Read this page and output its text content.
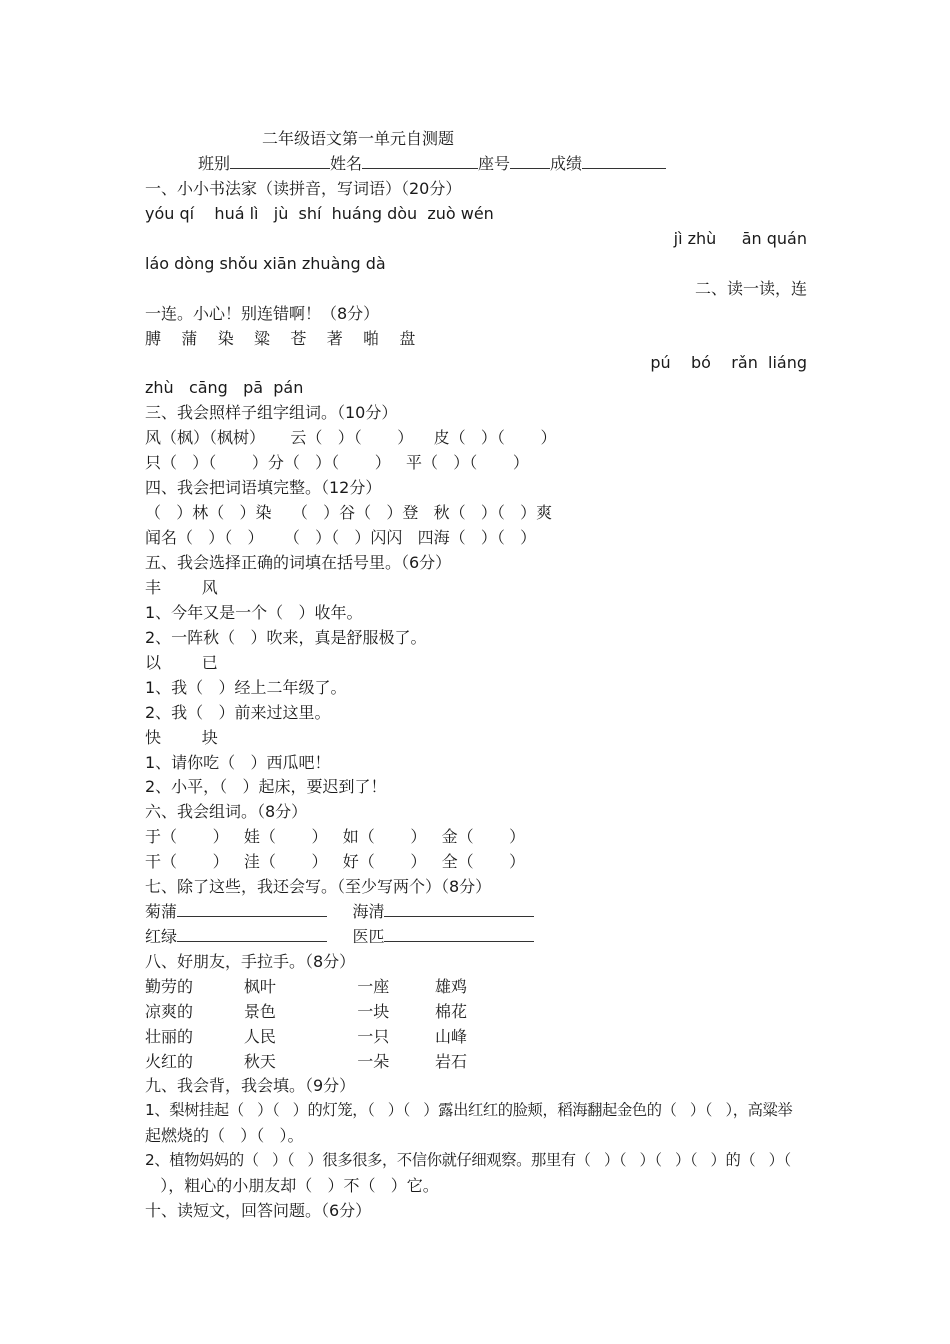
二年级语文第一单元自测题
班别	姓名	座号	成绩
一、小小书法家（读拼音，写词语）（20分）
yóu qí    huá lì   jù  shí  huáng dòu  zuò wén
jì zhù     ān quán
láo dòng shǒu xiān zhuàng dà
二、读一读，连
一连。小心！别连错啊！（8分）
膊    蒲    染    粱    苍    著    啪    盘
pú    bó    rǎn  liáng
zhù   cāng   pā  pán
三、我会照样子组字组词。（10分）
风（枫）（枫树）     云（   ）（       ）    皮（   ）（       ）
只（   ）（       ）分（   ）（       ）   平（   ）（       ）
四、我会把词语填完整。（12分）
（   ）林（   ）染    （   ）谷（   ）登   秋（   ）（   ）爽
闻名（   ）（   ）    （   ）（   ）闪闪   四海（   ）（   ）
五、我会选择正确的词填在括号里。（6分）
丰        风
1、今年又是一个（   ）收年。
2、一阵秋（   ）吹来，真是舒服极了。
以        已
1、我（   ）经上二年级了。
2、我（   ）前来过这里。
快        块
1、请你吃（   ）西瓜吧！
2、小平，（   ）起床，要迟到了！
六、我会组词。（8分）
于（       ）   娃（       ）   如（       ）   金（       ）
干（       ）   洼（       ）   好（       ）   全（       ）
七、除了这些，我还会写。（至少写两个）（8分）
菊蒲	海清
红绿	医匹
八、好朋友，手拉手。（8分）
勤劳的          枫叶                一座         雄鸡
凉爽的          景色                一块         棉花
壮丽的          人民                一只         山峰
火红的          秋天                一朵         岩石
九、我会背，我会填。（9分）
1、梨树挂起（   ）（   ）的灯笼，（   ）（   ）露出红红的脸颊，稻海翻起金色的（   ）（   ），高粱举
起燃烧的（   ）（   ）。
2、植物妈妈的（   ）（   ）很多很多，不信你就仔细观察。那里有（   ）（   ）（   ）（   ）的（   ）（
），粗心的小朋友却（   ）不（   ）它。
十、读短文，回答问题。（6分）
